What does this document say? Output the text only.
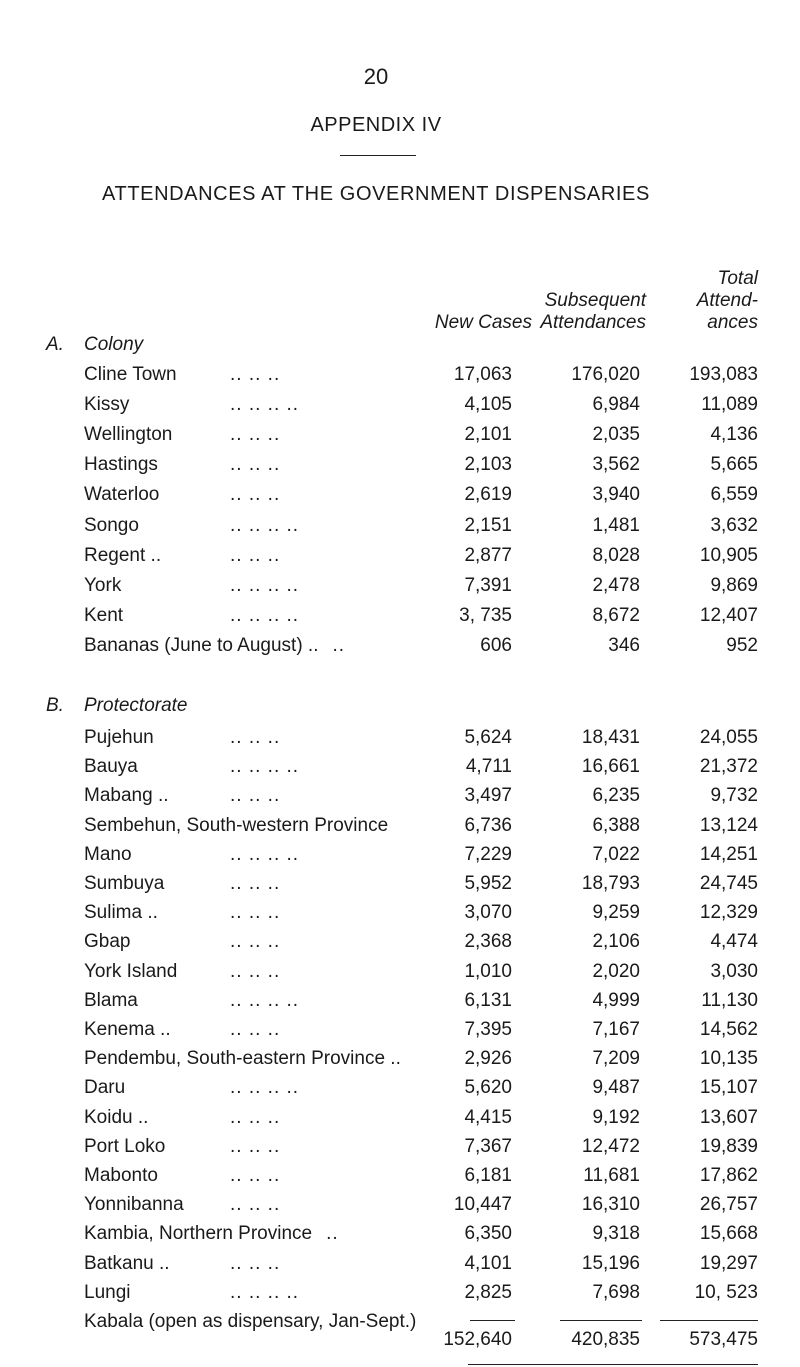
20
APPENDIX IV
ATTENDANCES AT THE GOVERNMENT DISPENSARIES
New Cases
Subsequent
Attendances
Total
Attend-
ances
A. Colony
Cline Town	.. .. ..	17,063	176,020	193,083
Kissy	.. .. .. ..	4,105	6,984	11,089
Wellington	.. .. ..	2,101	2,035	4,136
Hastings	.. .. ..	2,103	3,562	5,665
Waterloo	.. .. ..	2,619	3,940	6,559
Songo	.. .. .. ..	2,151	1,481	3,632
Regent ..	.. .. ..	2,877	8,028	10,905
York	.. .. .. ..	7,391	2,478	9,869
Kent	.. .. .. ..	3, 735	8,672	12,407
Bananas (June to August) .. ..	606	346	952
B. Protectorate
Pujehun	.. .. ..	5,624	18,431	24,055
Bauya	.. .. .. ..	4,711	16,661	21,372
Mabang ..	.. .. ..	3,497	6,235	9,732
Sembehun, South-western Province	6,736	6,388	13,124
Mano	.. .. .. ..	7,229	7,022	14,251
Sumbuya	.. .. ..	5,952	18,793	24,745
Sulima ..	.. .. ..	3,070	9,259	12,329
Gbap	.. .. ..	2,368	2,106	4,474
York Island	.. .. ..	1,010	2,020	3,030
Blama	.. .. .. ..	6,131	4,999	11,130
Kenema ..	.. .. ..	7,395	7,167	14,562
Pendembu, South-eastern Province ..	2,926	7,209	10,135
Daru	.. .. .. ..	5,620	9,487	15,107
Koidu ..	.. .. ..	4,415	9,192	13,607
Port Loko	.. .. ..	7,367	12,472	19,839
Mabonto	.. .. ..	6,181	11,681	17,862
Yonnibanna .. .. ..	10,447	16,310	26,757
Kambia, Northern Province ..	6,350	9,318	15,668
Batkanu ..	.. .. ..	4,101	15,196	19,297
Lungi	.. .. .. ..	2,825	7,698	10, 523
Kabala (open as dispensary, Jan-Sept.)
152,640	420,835	573,475
